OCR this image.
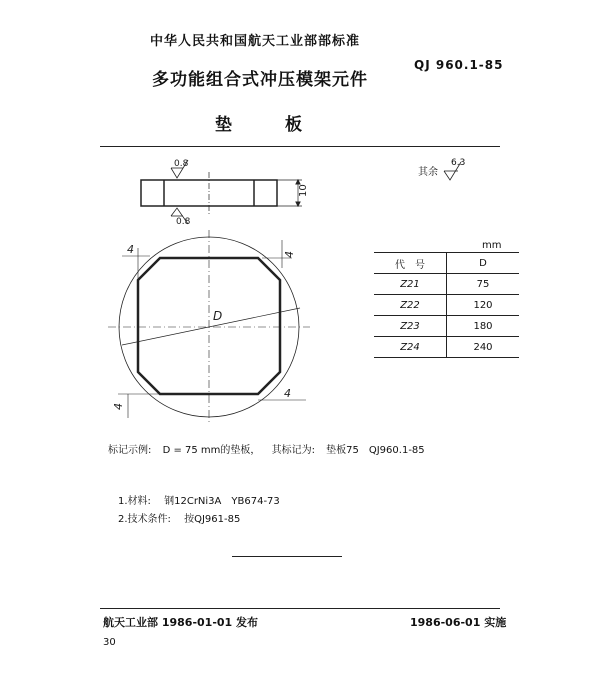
中华人民共和国航天工业部部标准
QJ 960.1-85
多功能组合式冲压模架元件
垫　板
0.8
0.8
10
4	4
4
4
D
其余
6.3
mm
代　号	D
Z21	75
Z22	120
Z23	180
Z24	240
标记示例: D = 75 mm的垫板， 其标记为: 垫板75　QJ960.1-85
1.材料: 钢12CrNi3A　YB674-73
2.技术条件: 按QJ961-85
航天工业部 1986-01-01 发布	1986-06-01 实施
30
